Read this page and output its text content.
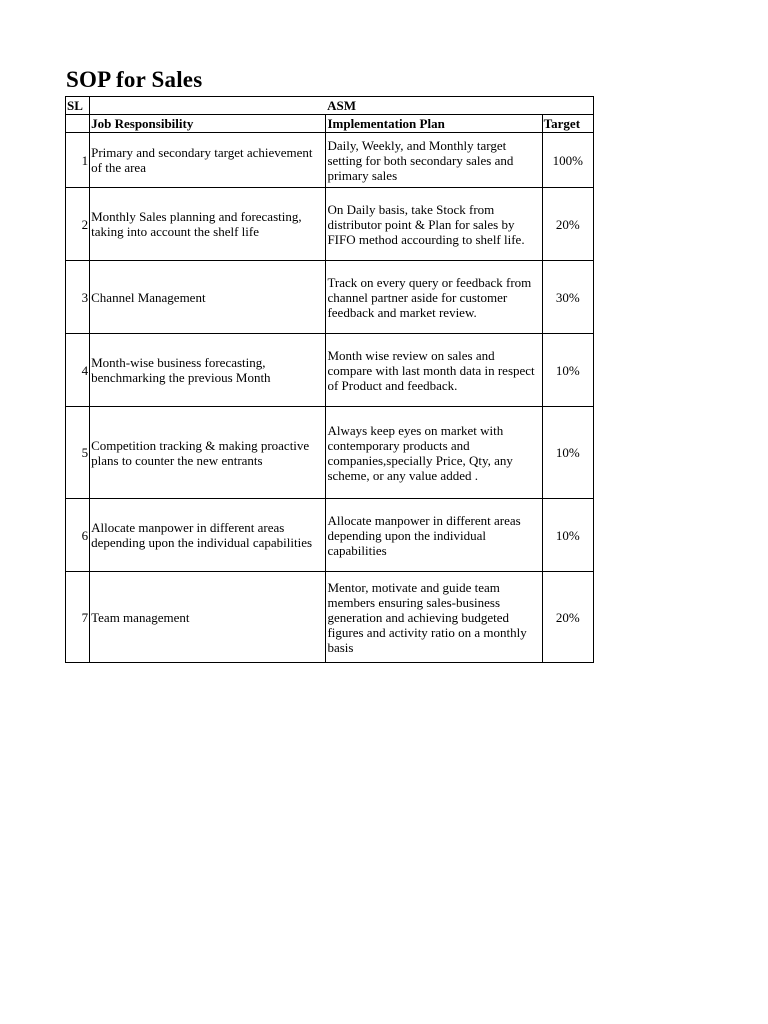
SOP for Sales
SL	ASM		
	Job Responsibility	Implementation Plan	Target
1	Primary and secondary target achievement of the area	Daily, Weekly, and Monthly target setting for both secondary sales and primary sales	100%
2	Monthly Sales planning and forecasting, taking into account the shelf life	On Daily basis, take Stock from distributor point & Plan for sales by FIFO method accourding to shelf life.	20%
3	Channel Management	Track on every query or feedback from channel partner aside for customer feedback and market review.	30%
4	Month-wise business forecasting, benchmarking the previous Month	Month wise review on sales and compare with last month data in respect of Product and feedback.	10%
5	Competition tracking & making proactive plans to counter the new entrants	Always keep eyes on market with contemporary products and companies,specially Price, Qty, any scheme, or any value added .	10%
6	Allocate manpower in different areas depending upon the individual capabilities	Allocate manpower in different areas depending upon the individual capabilities	10%
7	Team management	Mentor, motivate and guide team members ensuring sales-business generation and achieving budgeted figures and activity ratio on a monthly basis	20%
